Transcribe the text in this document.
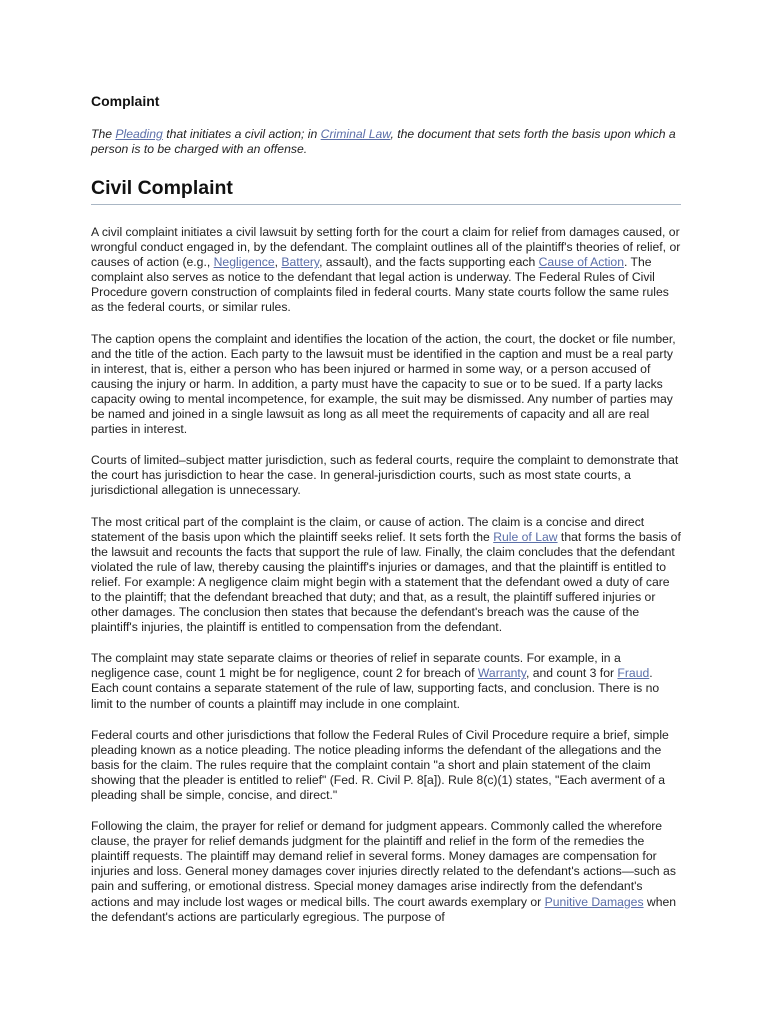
Complaint

The Pleading that initiates a civil action; in Criminal Law, the document that sets forth the basis upon which a person is to be charged with an offense.

Civil Complaint

A civil complaint initiates a civil lawsuit by setting forth for the court a claim for relief from damages caused, or wrongful conduct engaged in, by the defendant. The complaint outlines all of the plaintiff's theories of relief, or causes of action (e.g., Negligence, Battery, assault), and the facts supporting each Cause of Action. The complaint also serves as notice to the defendant that legal action is underway. The Federal Rules of Civil Procedure govern construction of complaints filed in federal courts. Many state courts follow the same rules as the federal courts, or similar rules.

The caption opens the complaint and identifies the location of the action, the court, the docket or file number, and the title of the action. Each party to the lawsuit must be identified in the caption and must be a real party in interest, that is, either a person who has been injured or harmed in some way, or a person accused of causing the injury or harm. In addition, a party must have the capacity to sue or to be sued. If a party lacks capacity owing to mental incompetence, for example, the suit may be dismissed. Any number of parties may be named and joined in a single lawsuit as long as all meet the requirements of capacity and all are real parties in interest.

Courts of limited–subject matter jurisdiction, such as federal courts, require the complaint to demonstrate that the court has jurisdiction to hear the case. In general-jurisdiction courts, such as most state courts, a jurisdictional allegation is unnecessary.

The most critical part of the complaint is the claim, or cause of action. The claim is a concise and direct statement of the basis upon which the plaintiff seeks relief. It sets forth the Rule of Law that forms the basis of the lawsuit and recounts the facts that support the rule of law. Finally, the claim concludes that the defendant violated the rule of law, thereby causing the plaintiff's injuries or damages, and that the plaintiff is entitled to relief. For example: A negligence claim might begin with a statement that the defendant owed a duty of care to the plaintiff; that the defendant breached that duty; and that, as a result, the plaintiff suffered injuries or other damages. The conclusion then states that because the defendant's breach was the cause of the plaintiff's injuries, the plaintiff is entitled to compensation from the defendant.

The complaint may state separate claims or theories of relief in separate counts. For example, in a negligence case, count 1 might be for negligence, count 2 for breach of Warranty, and count 3 for Fraud. Each count contains a separate statement of the rule of law, supporting facts, and conclusion. There is no limit to the number of counts a plaintiff may include in one complaint.

Federal courts and other jurisdictions that follow the Federal Rules of Civil Procedure require a brief, simple pleading known as a notice pleading. The notice pleading informs the defendant of the allegations and the basis for the claim. The rules require that the complaint contain "a short and plain statement of the claim showing that the pleader is entitled to relief" (Fed. R. Civil P. 8[a]). Rule 8(c)(1) states, "Each averment of a pleading shall be simple, concise, and direct."

Following the claim, the prayer for relief or demand for judgment appears. Commonly called the wherefore clause, the prayer for relief demands judgment for the plaintiff and relief in the form of the remedies the plaintiff requests. The plaintiff may demand relief in several forms. Money damages are compensation for injuries and loss. General money damages cover injuries directly related to the defendant's actions—such as pain and suffering, or emotional distress. Special money damages arise indirectly from the defendant's actions and may include lost wages or medical bills. The court awards exemplary or Punitive Damages when the defendant's actions are particularly egregious. The purpose of
